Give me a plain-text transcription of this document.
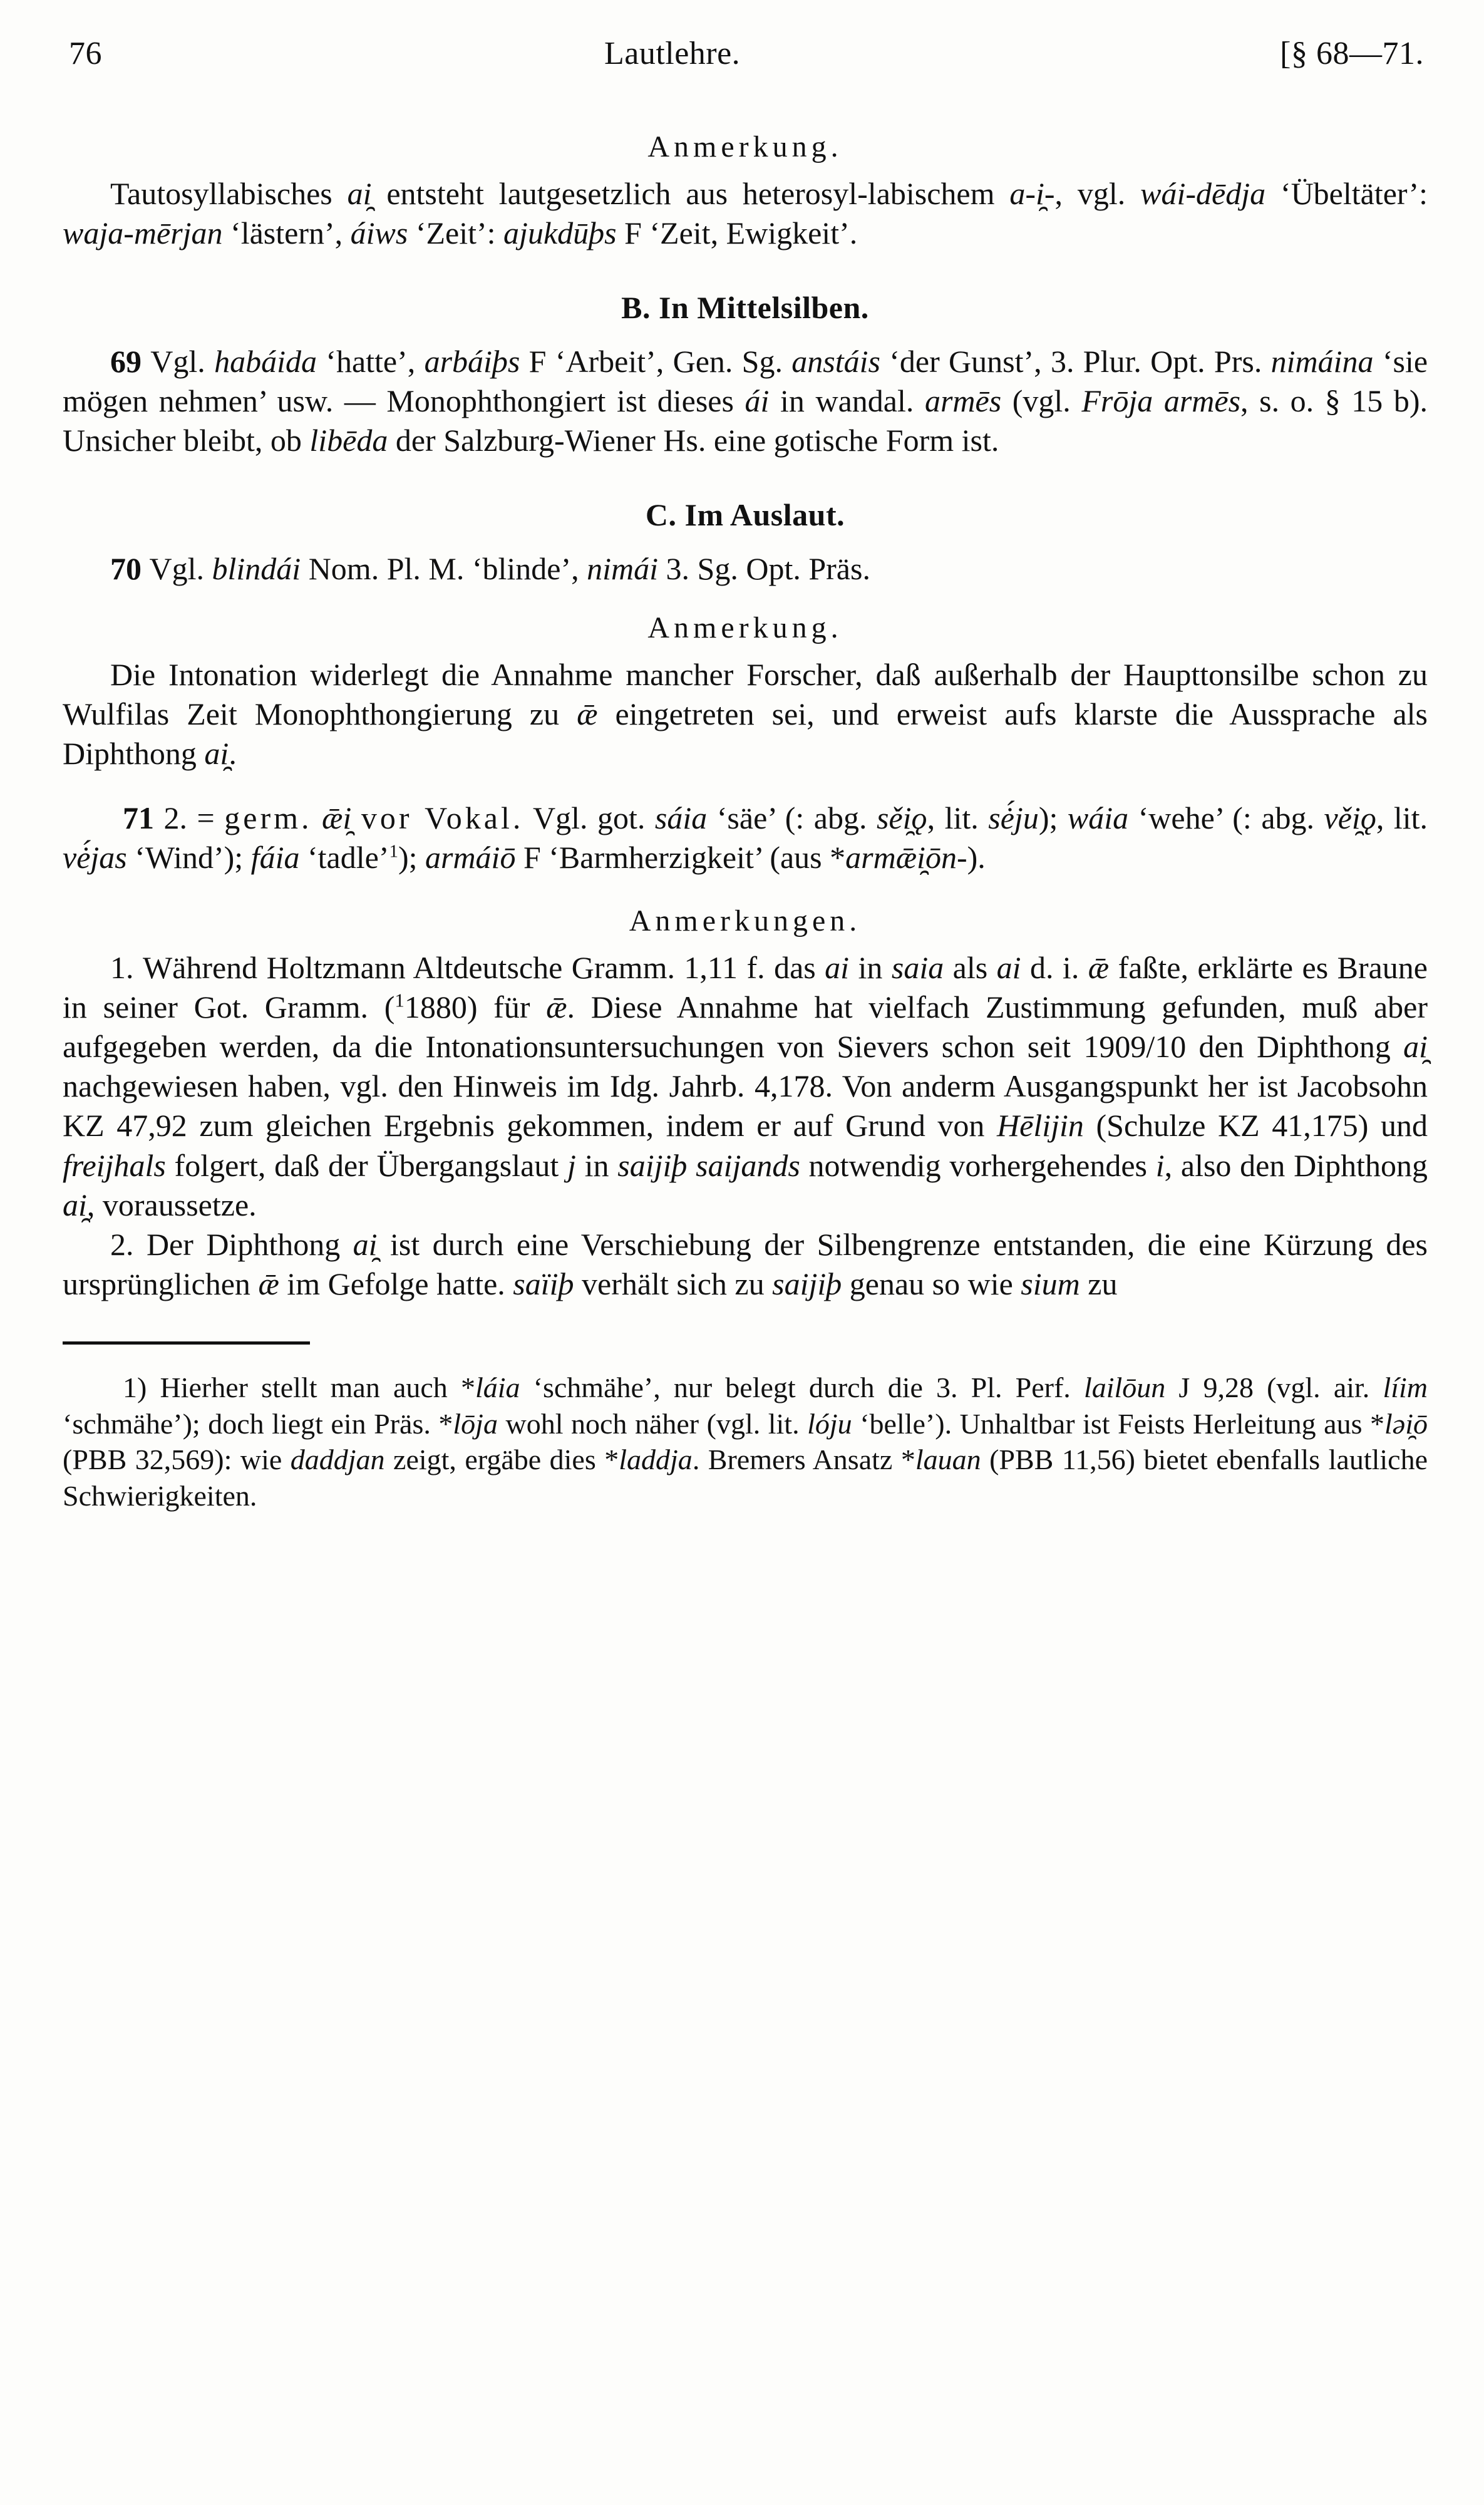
76	Lautlehre.	[§ 68—71.
Anmerkung.

Tautosyllabisches ai̯ entsteht lautgesetzlich aus heterosyl-labischem a-i̯-, vgl. wái-dēdja ‘Übeltäter’: waja-mērjan ‘lästern’, áiws ‘Zeit’: ajukdūþs F ‘Zeit, Ewigkeit’.

B. In Mittelsilben.

69 Vgl. habáida ‘hatte’, arbáiþs F ‘Arbeit’, Gen. Sg. anstáis ‘der Gunst’, 3. Plur. Opt. Prs. nimáina ‘sie mögen nehmen’ usw. — Monophthongiert ist dieses ái in wandal. armēs (vgl. Frōja armēs, s. o. § 15 b). Unsicher bleibt, ob libēda der Salzburg-Wiener Hs. eine gotische Form ist.

C. Im Auslaut.

70 Vgl. blindái Nom. Pl. M. ‘blinde’, nimái 3. Sg. Opt. Präs.

Anmerkung.

Die Intonation widerlegt die Annahme mancher Forscher, daß außerhalb der Haupttonsilbe schon zu Wulfilas Zeit Monophthongierung zu ǣ eingetreten sei, und erweist aufs klarste die Aussprache als Diphthong ai̯.

71 2. = germ. ǣi̯ vor Vokal. Vgl. got. sáia ‘säe’ (: abg. sěi̯ǫ, lit. sė́ju); wáia ‘wehe’ (: abg. věi̯ǫ, lit. vė́jas ‘Wind’); fáia ‘tadle’$^1$); armáiō F ‘Barmherzigkeit’ (aus *armǣi̯ōn-).

Anmerkungen.

1. Während Holtzmann Altdeutsche Gramm. 1,11 f. das ai in saia als ai d. i. ǣ faßte, erklärte es Braune in seiner Got. Gramm. ($^1$1880) für ǣ. Diese Annahme hat vielfach Zustimmung gefunden, muß aber aufgegeben werden, da die Intonationsuntersuchungen von Sievers schon seit 1909/10 den Diphthong ai̯ nachgewiesen haben, vgl. den Hinweis im Idg. Jahrb. 4,178. Von anderm Ausgangspunkt her ist Jacobsohn KZ 47,92 zum gleichen Ergebnis gekommen, indem er auf Grund von Hēlijin (Schulze KZ 41,175) und freijhals folgert, daß der Übergangslaut j in saijiþ saijands notwendig vorhergehendes i, also den Diphthong ai̯, voraussetze.

2. Der Diphthong ai̯ ist durch eine Verschiebung der Silbengrenze entstanden, die eine Kürzung des ursprünglichen ǣ im Gefolge hatte. saïiþ verhält sich zu saijiþ genau so wie sium zu

1) Hierher stellt man auch *láia ‘schmähe’, nur belegt durch die 3. Pl. Perf. lailōun J 9,28 (vgl. air. líim ‘schmähe’); doch liegt ein Präs. *lōja wohl noch näher (vgl. lit. lóju ‘belle’). Unhaltbar ist Feists Herleitung aus *ləi̯ō (PBB 32,569): wie daddjan zeigt, ergäbe dies *laddja. Bremers Ansatz *lauan (PBB 11,56) bietet ebenfalls lautliche Schwierigkeiten.
